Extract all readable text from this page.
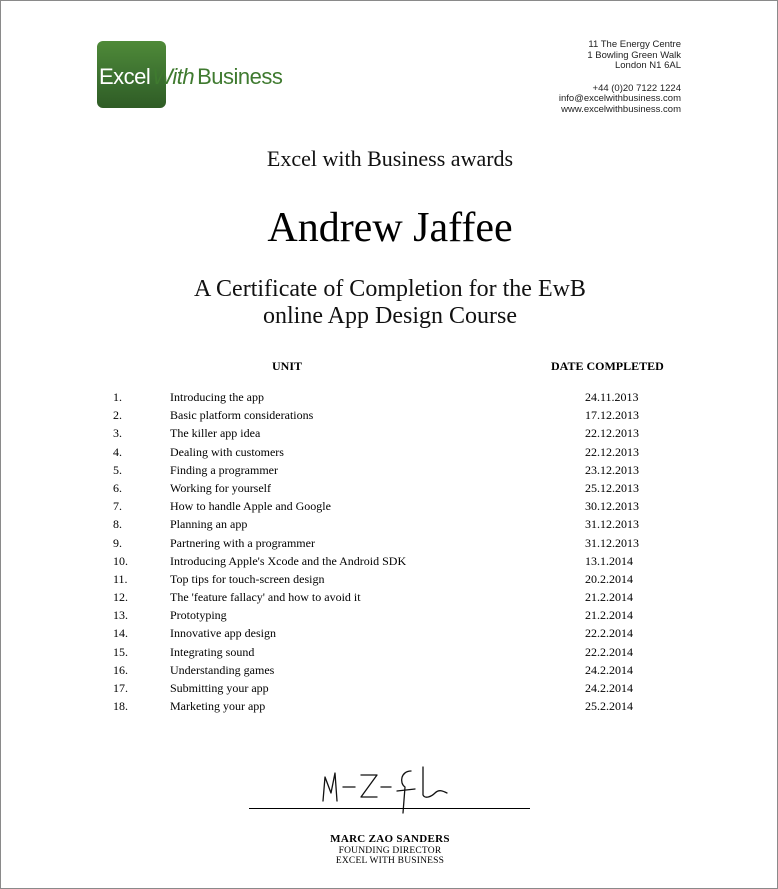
ExcelWith Business
11 The Energy Centre
1 Bowling Green Walk
London N1 6AL
+44 (0)20 7122 1224
info@excelwithbusiness.com
www.excelwithbusiness.com
Excel with Business awards
Andrew Jaffee
A Certificate of Completion for the EwB
online App Design Course
UNIT	DATE COMPLETED
1.	Introducing the app	24.11.2013
2.	Basic platform considerations	17.12.2013
3.	The killer app idea	22.12.2013
4.	Dealing with customers	22.12.2013
5.	Finding a programmer	23.12.2013
6.	Working for yourself	25.12.2013
7.	How to handle Apple and Google	30.12.2013
8.	Planning an app	31.12.2013
9.	Partnering with a programmer	31.12.2013
10.	Introducing Apple's Xcode and the Android SDK	13.1.2014
11.	Top tips for touch-screen design	20.2.2014
12.	The 'feature fallacy' and how to avoid it	21.2.2014
13.	Prototyping	21.2.2014
14.	Innovative app design	22.2.2014
15.	Integrating sound	22.2.2014
16.	Understanding games	24.2.2014
17.	Submitting your app	24.2.2014
18.	Marketing your app	25.2.2014
MARC ZAO SANDERS
FOUNDING DIRECTOR
EXCEL WITH BUSINESS
